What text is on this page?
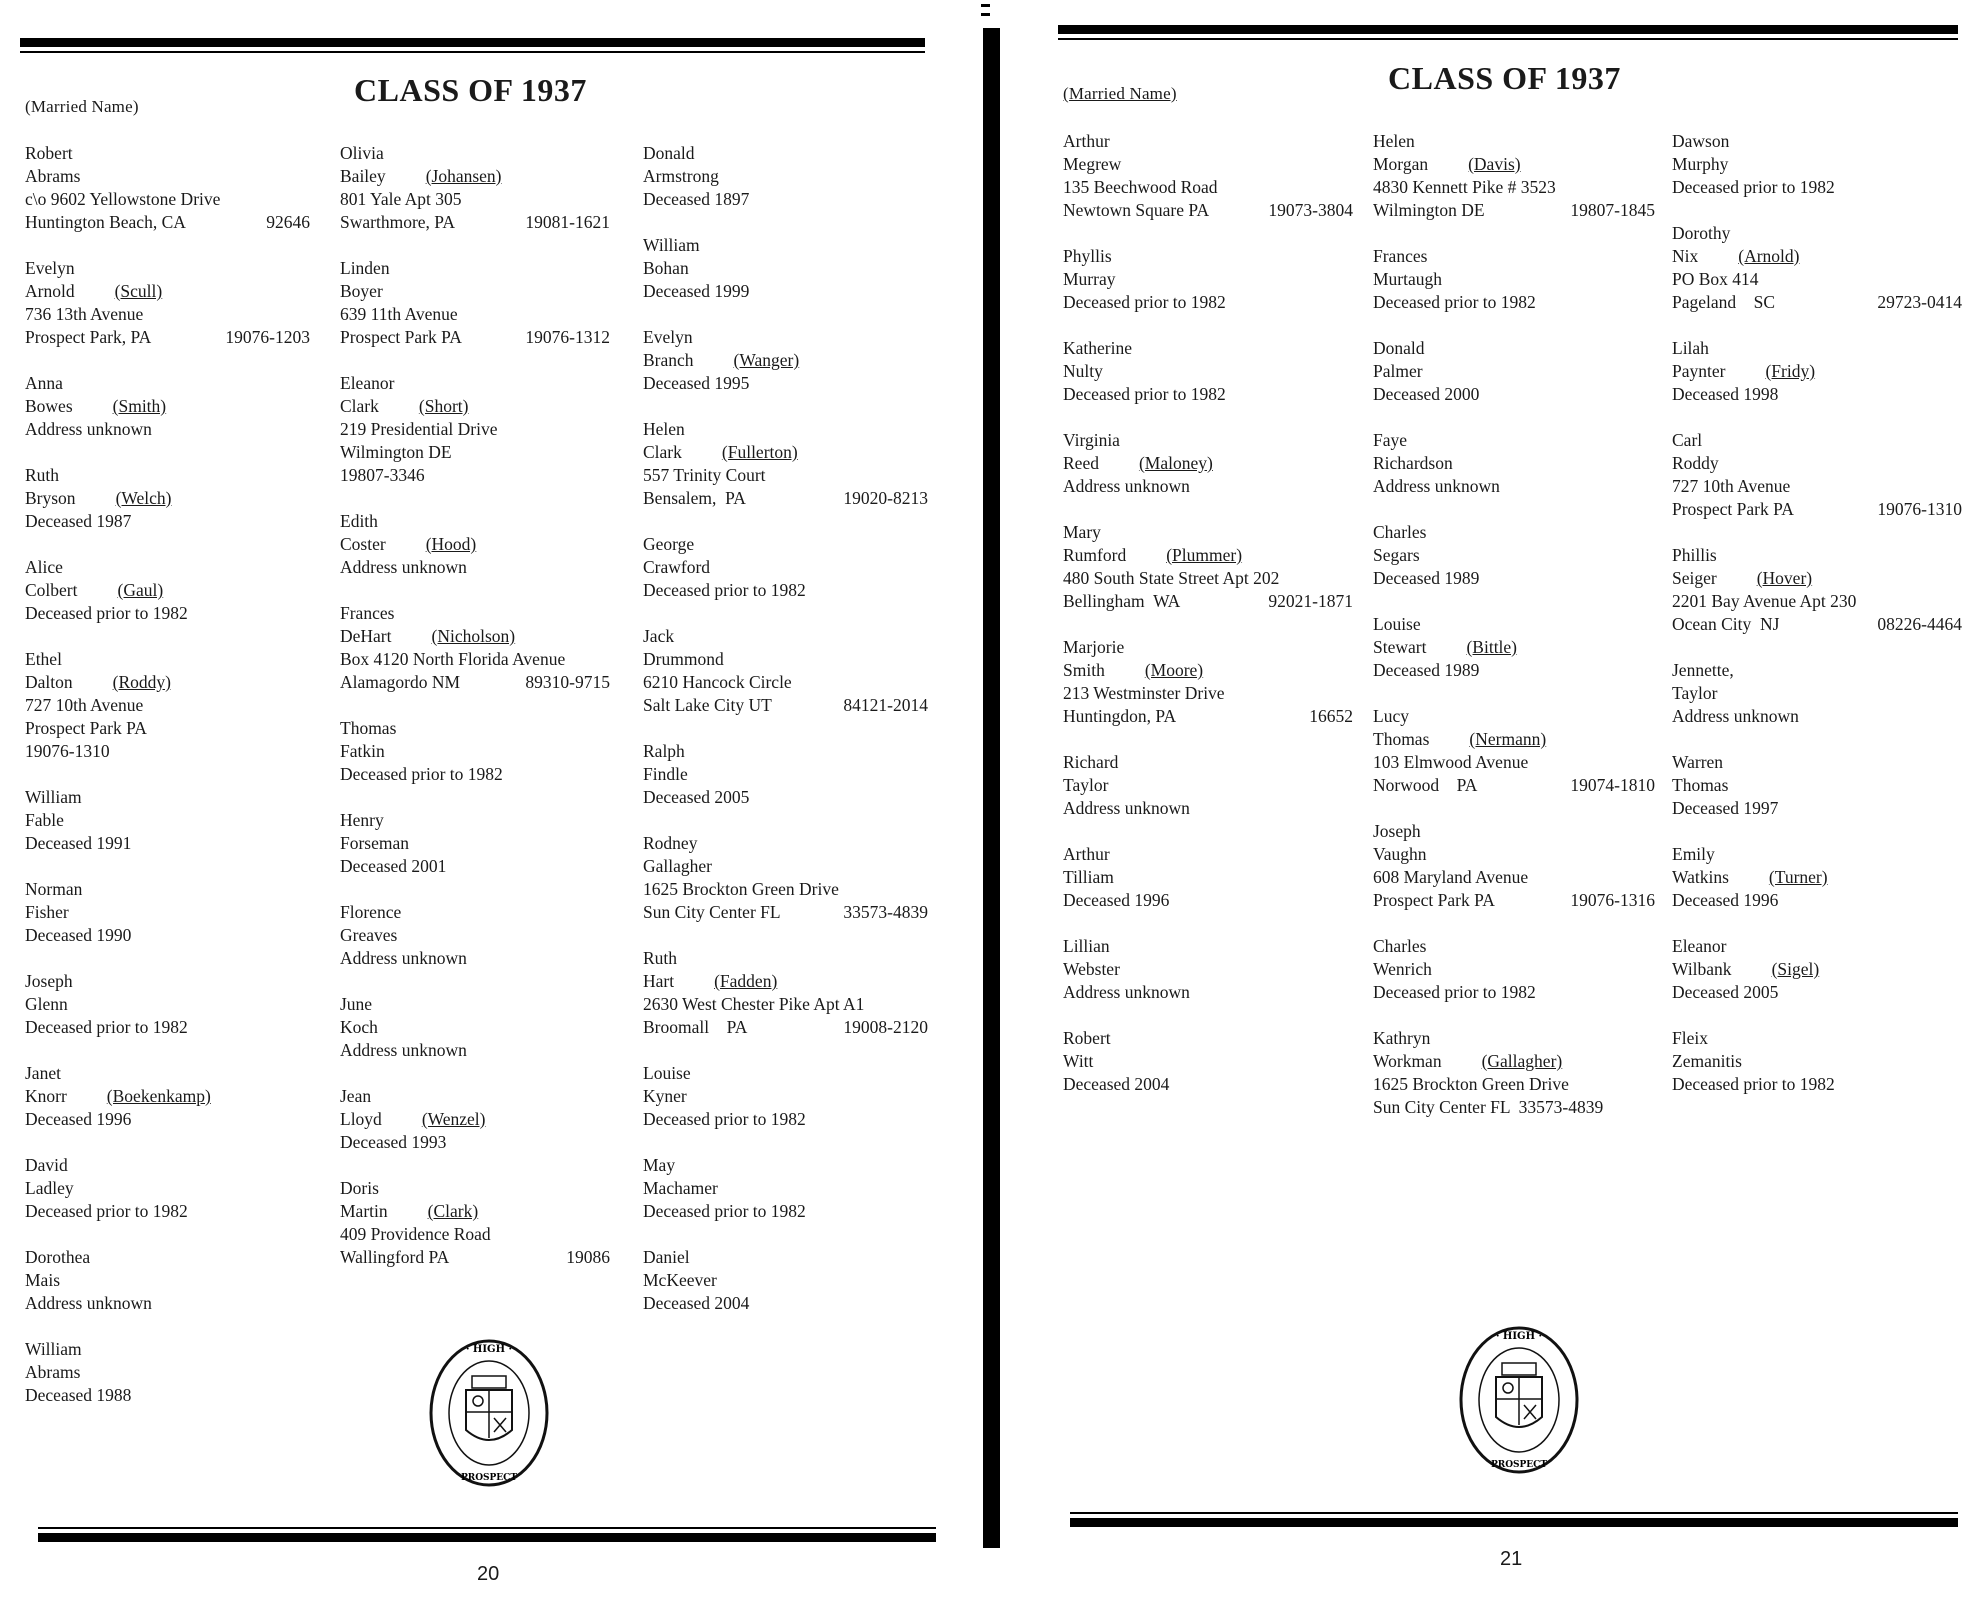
(Married Name)	CLASS OF 1937
Robert
Abrams
c\o 9602 Yellowstone Drive
Huntington Beach, CA	92646
Evelyn
Arnold (Scull)
736 13th Avenue
Prospect Park, PA	19076-1203
Anna
Bowes (Smith)
Address unknown
Ruth
Bryson (Welch)
Deceased 1987
Alice
Colbert (Gaul)
Deceased prior to 1982
Ethel
Dalton (Roddy)
727 10th Avenue
Prospect Park PA
19076-1310
William
Fable
Deceased 1991
Norman
Fisher
Deceased 1990
Joseph
Glenn
Deceased prior to 1982
Janet
Knorr (Boekenkamp)
Deceased 1996
David
Ladley
Deceased prior to 1982
Dorothea
Mais
Address unknown
William
Abrams
Deceased 1988
Olivia
Bailey (Johansen)
801 Yale Apt 305
Swarthmore, PA	19081-1621
Linden
Boyer
639 11th Avenue
Prospect Park PA	19076-1312
Eleanor
Clark (Short)
219 Presidential Drive
Wilmington DE
19807-3346
Edith
Coster (Hood)
Address unknown
Frances
DeHart (Nicholson)
Box 4120 North Florida Avenue
Alamagordo NM	89310-9715
Thomas
Fatkin
Deceased prior to 1982
Henry
Forseman
Deceased 2001
Florence
Greaves
Address unknown
June
Koch
Address unknown
Jean
Lloyd (Wenzel)
Deceased 1993
Doris
Martin (Clark)
409 Providence Road
Wallingford PA	19086
Donald
Armstrong
Deceased 1897
William
Bohan
Deceased 1999
Evelyn
Branch (Wanger)
Deceased 1995
Helen
Clark (Fullerton)
557 Trinity Court
Bensalem,  PA	19020-8213
George
Crawford
Deceased prior to 1982
Jack
Drummond
6210 Hancock Circle
Salt Lake City UT	84121-2014
Ralph
Findle
Deceased 2005
Rodney
Gallagher
1625 Brockton Green Drive
Sun City Center FL	33573-4839
Ruth
Hart (Fadden)
2630 West Chester Pike Apt A1
Broomall    PA	19008-2120
Louise
Kyner
Deceased prior to 1982
May
Machamer
Deceased prior to 1982
Daniel
McKeever
Deceased 2004
· HIGH ·
PROSPECT
20
(Married Name)	CLASS OF 1937
Arthur
Megrew
135 Beechwood Road
Newtown Square PA	19073-3804
Phyllis
Murray
Deceased prior to 1982
Katherine
Nulty
Deceased prior to 1982
Virginia
Reed (Maloney)
Address unknown
Mary
Rumford (Plummer)
480 South State Street Apt 202
Bellingham  WA	92021-1871
Marjorie
Smith (Moore)
213 Westminster Drive
Huntingdon, PA	16652
Richard
Taylor
Address unknown
Arthur
Tilliam
Deceased 1996
Lillian
Webster
Address unknown
Robert
Witt
Deceased 2004
Helen
Morgan (Davis)
4830 Kennett Pike # 3523
Wilmington DE	19807-1845
Frances
Murtaugh
Deceased prior to 1982
Donald
Palmer
Deceased 2000
Faye
Richardson
Address unknown
Charles
Segars
Deceased 1989
Louise
Stewart (Bittle)
Deceased 1989
Lucy
Thomas (Nermann)
103 Elmwood Avenue
Norwood    PA	19074-1810
Joseph
Vaughn
608 Maryland Avenue
Prospect Park PA	19076-1316
Charles
Wenrich
Deceased prior to 1982
Kathryn
Workman (Gallagher)
1625 Brockton Green Drive
Sun City Center FL  33573-4839
Dawson
Murphy
Deceased prior to 1982
Dorothy
Nix (Arnold)
PO Box 414
Pageland    SC	29723-0414
Lilah
Paynter (Fridy)
Deceased 1998
Carl
Roddy
727 10th Avenue
Prospect Park PA	19076-1310
Phillis
Seiger (Hover)
2201 Bay Avenue Apt 230
Ocean City  NJ	08226-4464
Jennette,
Taylor
Address unknown
Warren
Thomas
Deceased 1997
Emily
Watkins (Turner)
Deceased 1996
Eleanor
Wilbank (Sigel)
Deceased 2005
Fleix
Zemanitis
Deceased prior to 1982
· HIGH ·
PROSPECT
21
